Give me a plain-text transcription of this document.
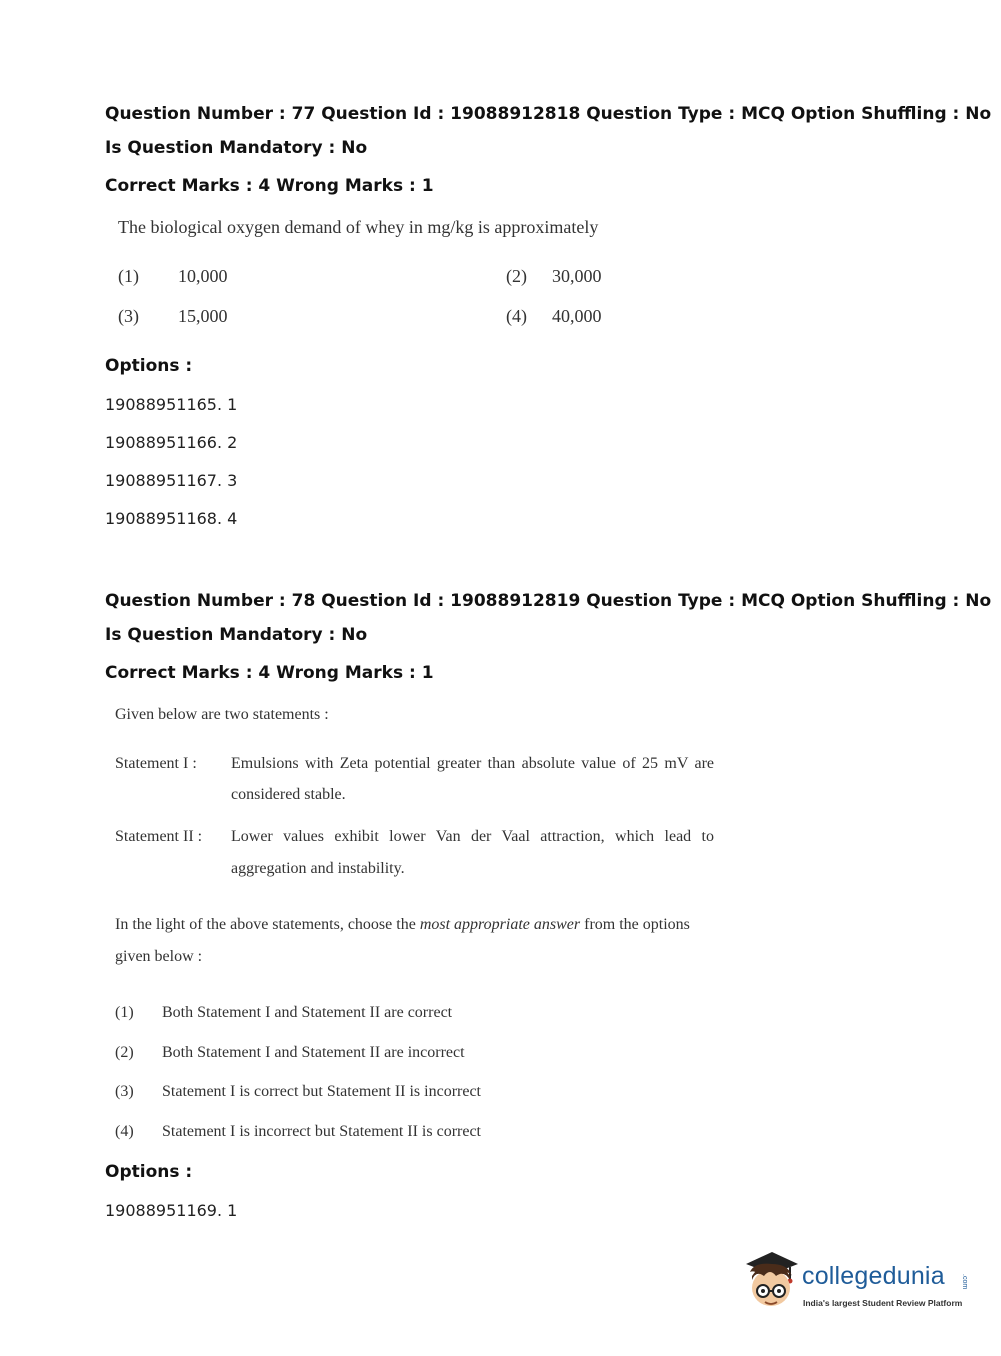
Question Number : 77 Question Id : 19088912818 Question Type : MCQ Option Shuffling : No
Is Question Mandatory : No
Correct Marks : 4 Wrong Marks : 1
The biological oxygen demand of whey in mg/kg is approximately
(1) 10,000	(2) 30,000
(3) 15,000	(4) 40,000
Options :
19088951165. 1
19088951166. 2
19088951167. 3
19088951168. 4
Question Number : 78 Question Id : 19088912819 Question Type : MCQ Option Shuffling : No
Is Question Mandatory : No
Correct Marks : 4 Wrong Marks : 1
Given below are two statements :
Statement I : Emulsions with Zeta potential greater than absolute value of 25 mV are
considered stable.
Statement II : Lower values exhibit lower Van der Vaal attraction, which lead to
aggregation and instability.
In the light of the above statements, choose the most appropriate answer from the options
given below :
(1) Both Statement I and Statement II are correct
(2) Both Statement I and Statement II are incorrect
(3) Statement I is correct but Statement II is incorrect
(4) Statement I is incorrect but Statement II is correct
Options :
19088951169. 1
collegedunia .com
India's largest Student Review Platform
